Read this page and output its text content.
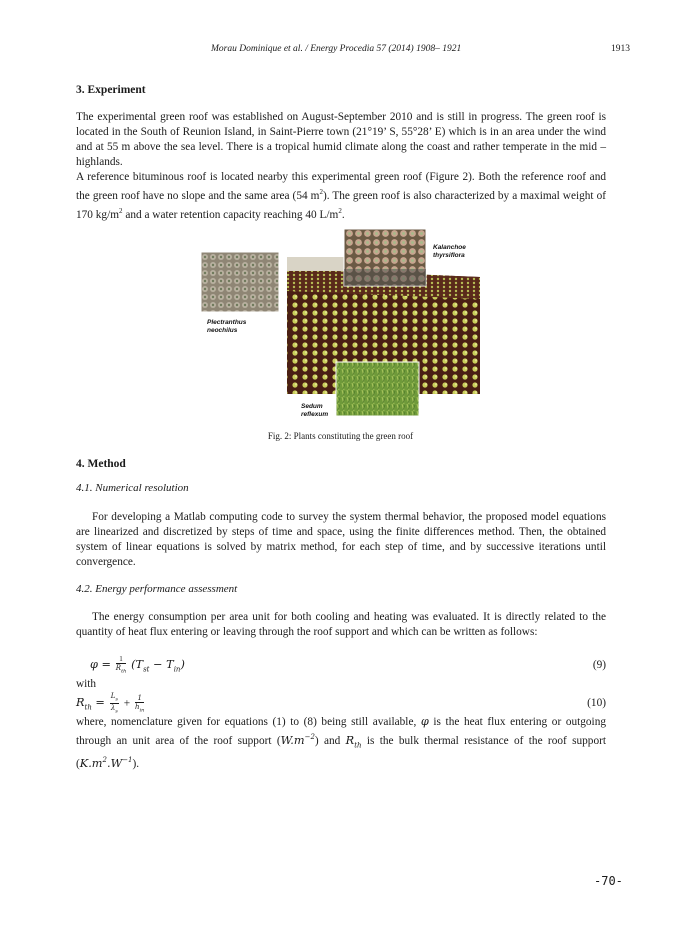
Morau Dominique et al. / Energy Procedia 57 (2014) 1908– 1921	1913
3. Experiment

The experimental green roof was established on August-September 2010 and is still in progress. The green roof is located in the South of Reunion Island, in Saint-Pierre town (21°19’ S, 55°28’ E) which is in an area under the wind and at 55 m above the sea level. There is a tropical humid climate along the coast and rather temperate in the mid – highlands.

A reference bituminous roof is located nearby this experimental green roof (Figure 2). Both the reference roof and the green roof have no slope and the same area (54 $m^2$). The green roof is also characterized by a maximal weight of 170 $kg/m^2$ and a water retention capacity reaching 40 $L/m^2$.

Kalanchoe
thyrsiflora
Plectranthus
neochilus
Sedum
reflexum
Fig. 2: Plants constituting the green roof
4. Method
4.1. Numerical resolution

For developing a Matlab computing code to survey the system thermal behavior, the proposed model equations are linearized and discretized by steps of time and space, using the finite differences method. Then, the obtained system of linear equations is solved by matrix method, for each step of time, and by successive iterations until convergence.

4.2. Energy performance assessment

The energy consumption per area unit for both cooling and heating was evaluated. It is directly related to the quantity of heat flux entering or leaving through the roof support and which can be written as follows:

$\varphi = \frac{1}{R_{th}} (T_{st} - T_{in})$	(9)
with
$R_{th} = \frac{L_s}{\lambda_s} + \frac{1}{h_{in}}$	(10)

where, nomenclature given for equations (1) to (8) being still available, φ is the heat flux entering or outgoing through an unit area of the roof support $(W.m^{-2})$ and $R_{th}$ is the bulk thermal resistance of the roof support $(K.m^2.W^{-1})$.

-70-
